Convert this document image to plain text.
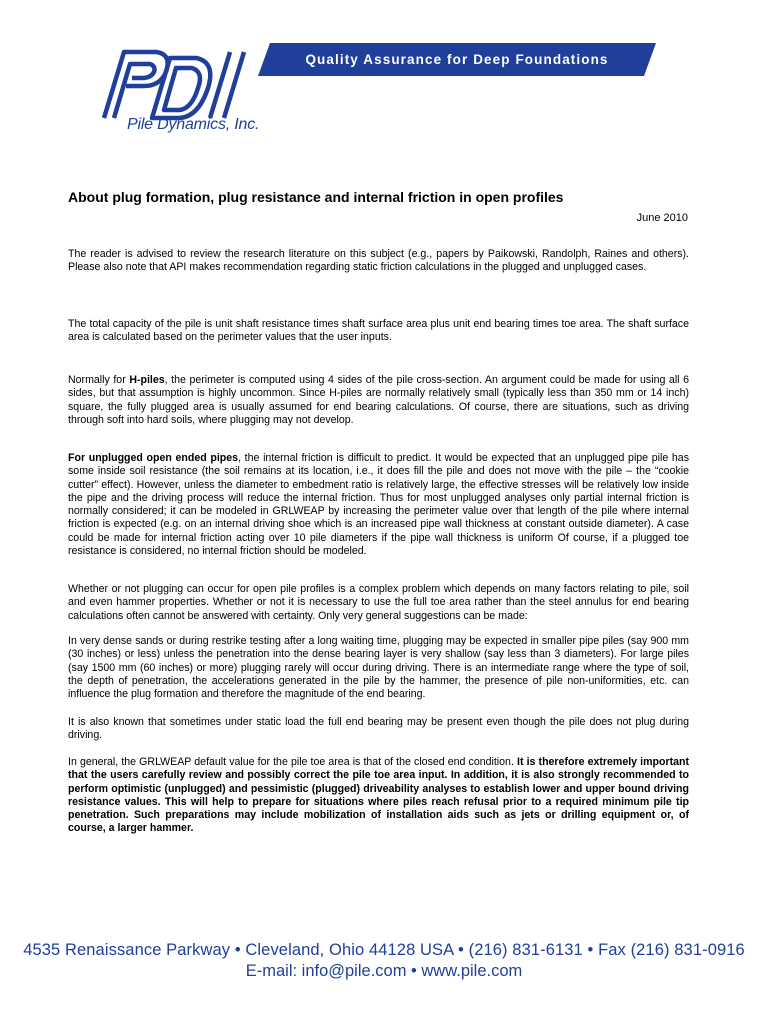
Pile Dynamics, Inc.
Quality Assurance for Deep Foundations
About plug formation, plug resistance and internal friction in open profiles
June 2010

The reader is advised to review the research literature on this subject (e.g., papers by Paikowski, Randolph, Raines and others). Please also note that API makes recommendation regarding static friction calculations in the plugged and unplugged cases.

The total capacity of the pile is unit shaft resistance times shaft surface area plus unit end bearing times toe area. The shaft surface area is calculated based on the perimeter values that the user inputs.

Normally for H-piles, the perimeter is computed using 4 sides of the pile cross-section. An argument could be made for using all 6 sides, but that assumption is highly uncommon. Since H-piles are normally relatively small (typically less than 350 mm or 14 inch) square, the fully plugged area is usually assumed for end bearing calculations. Of course, there are situations, such as driving through soft into hard soils, where plugging may not develop.

For unplugged open ended pipes, the internal friction is difficult to predict. It would be expected that an unplugged pipe pile has some inside soil resistance (the soil remains at its location, i.e., it does fill the pile and does not move with the pile – the “cookie cutter” effect). However, unless the diameter to embedment ratio is relatively large, the effective stresses will be relatively low inside the pipe and the driving process will reduce the internal friction. Thus for most unplugged analyses only partial internal friction is normally considered; it can be modeled in GRLWEAP by increasing the perimeter value over that length of the pile where internal friction is expected (e.g. on an internal driving shoe which is an increased pipe wall thickness at constant outside diameter). A case could be made for internal friction acting over 10 pile diameters if the pipe wall thickness is uniform Of course, if a plugged toe resistance is considered, no internal friction should be modeled.

Whether or not plugging can occur for open pile profiles is a complex problem which depends on many factors relating to pile, soil and even hammer properties. Whether or not it is necessary to use the full toe area rather than the steel annulus for end bearing calculations often cannot be answered with certainty. Only very general suggestions can be made:

In very dense sands or during restrike testing after a long waiting time, plugging may be expected in smaller pipe piles (say 900 mm (30 inches) or less) unless the penetration into the dense bearing layer is very shallow (say less than 3 diameters). For large piles (say 1500 mm (60 inches) or more) plugging rarely will occur during driving. There is an intermediate range where the type of soil, the depth of penetration, the accelerations generated in the pile by the hammer, the presence of pile non-uniformities, etc. can influence the plug formation and therefore the magnitude of the end bearing.

It is also known that sometimes under static load the full end bearing may be present even though the pile does not plug during driving.

In general, the GRLWEAP default value for the pile toe area is that of the closed end condition. It is therefore extremely important that the users carefully review and possibly correct the pile toe area input. In addition, it is also strongly recommended to perform optimistic (unplugged) and pessimistic (plugged) driveability analyses to establish lower and upper bound driving resistance values. This will help to prepare for situations where piles reach refusal prior to a required minimum pile tip penetration. Such preparations may include mobilization of installation aids such as jets or drilling equipment or, of course, a larger hammer.

4535 Renaissance Parkway • Cleveland, Ohio 44128 USA • (216) 831-6131 • Fax (216) 831-0916
E-mail: info@pile.com • www.pile.com
